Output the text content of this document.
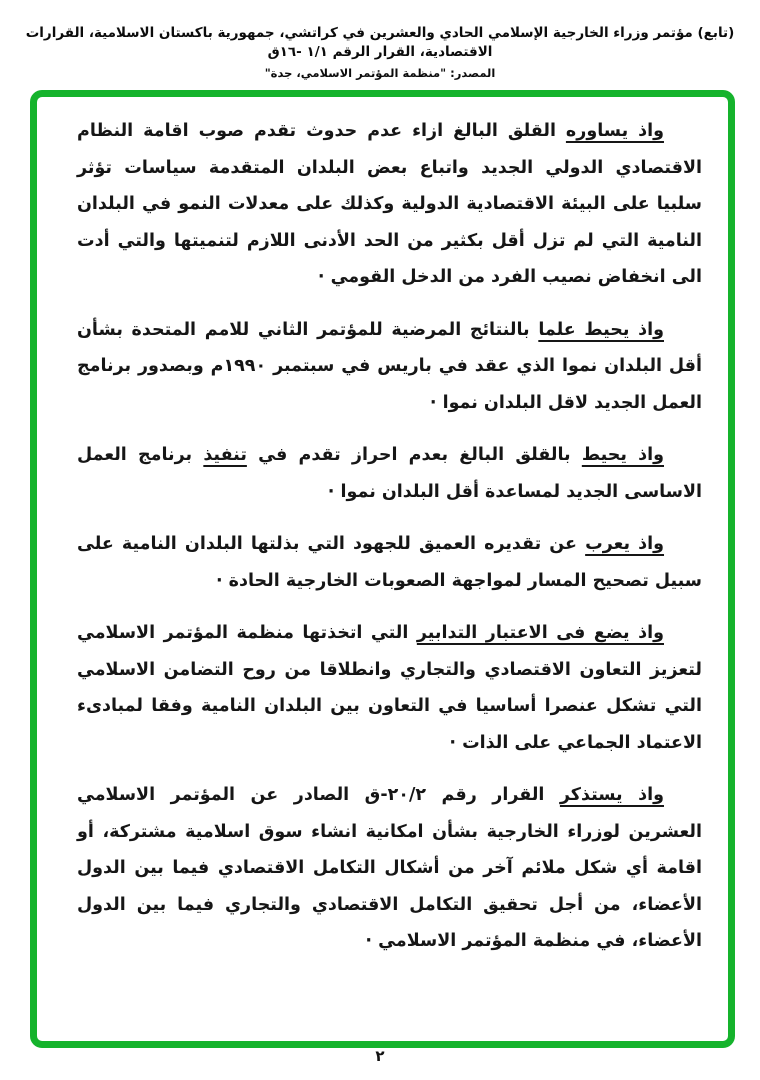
(تابع) مؤتمر وزراء الخارجية الإسلامي الحادي والعشرين في كراتشي، جمهورية باكستان الاسلامية، القرارات الاقتصادية، القرار الرقم ١/١ -١٦ق
المصدر: "منظمة المؤتمر الاسلامي، جدة"

واذ يساوره القلق البالغ ازاء عدم حدوث تقدم صوب اقامة النظام الاقتصادي الدولي الجديد واتباع بعض البلدان المتقدمة سياسات تؤثر سلبيا على البيئة الاقتصادية الدولية وكذلك على معدلات النمو في البلدان النامية التي لم تزل أقل بكثير من الحد الأدنى اللازم لتنميتها والتي أدت الى انخفاض نصيب الفرد من الدخل القومي ·

واذ يحيط علما بالنتائج المرضية للمؤتمر الثاني للامم المتحدة بشأن أقل البلدان نموا الذي عقد في باريس في سبتمبر ١٩٩٠م وبصدور برنامج العمل الجديد لاقل البلدان نموا ·

واذ يحيط بالقلق البالغ بعدم احراز تقدم في تنفيذ برنامج العمل الاساسى الجديد لمساعدة أقل البلدان نموا ·

واذ يعرب عن تقديره العميق للجهود التي بذلتها البلدان النامية على سبيل تصحيح المسار لمواجهة الصعوبات الخارجية الحادة ·

واذ يضع فى الاعتبار التدابير التي اتخذتها منظمة المؤتمر الاسلامي لتعزيز التعاون الاقتصادي والتجاري وانطلاقا من روح التضامن الاسلامي التي تشكل عنصرا أساسيا في التعاون بين البلدان النامية وفقا لمبادىء الاعتماد الجماعي على الذات ·

واذ يستذكر القرار رقم ٢٠/٢-ق الصادر عن المؤتمر الاسلامي العشرين لوزراء الخارجية بشأن امكانية انشاء سوق اسلامية مشتركة، أو اقامة أي شكل ملائم آخر من أشكال التكامل الاقتصادي فيما بين الدول الأعضاء، من أجل تحقيق التكامل الاقتصادي والتجاري فيما بين الدول الأعضاء، في منظمة المؤتمر الاسلامي ·

٢
